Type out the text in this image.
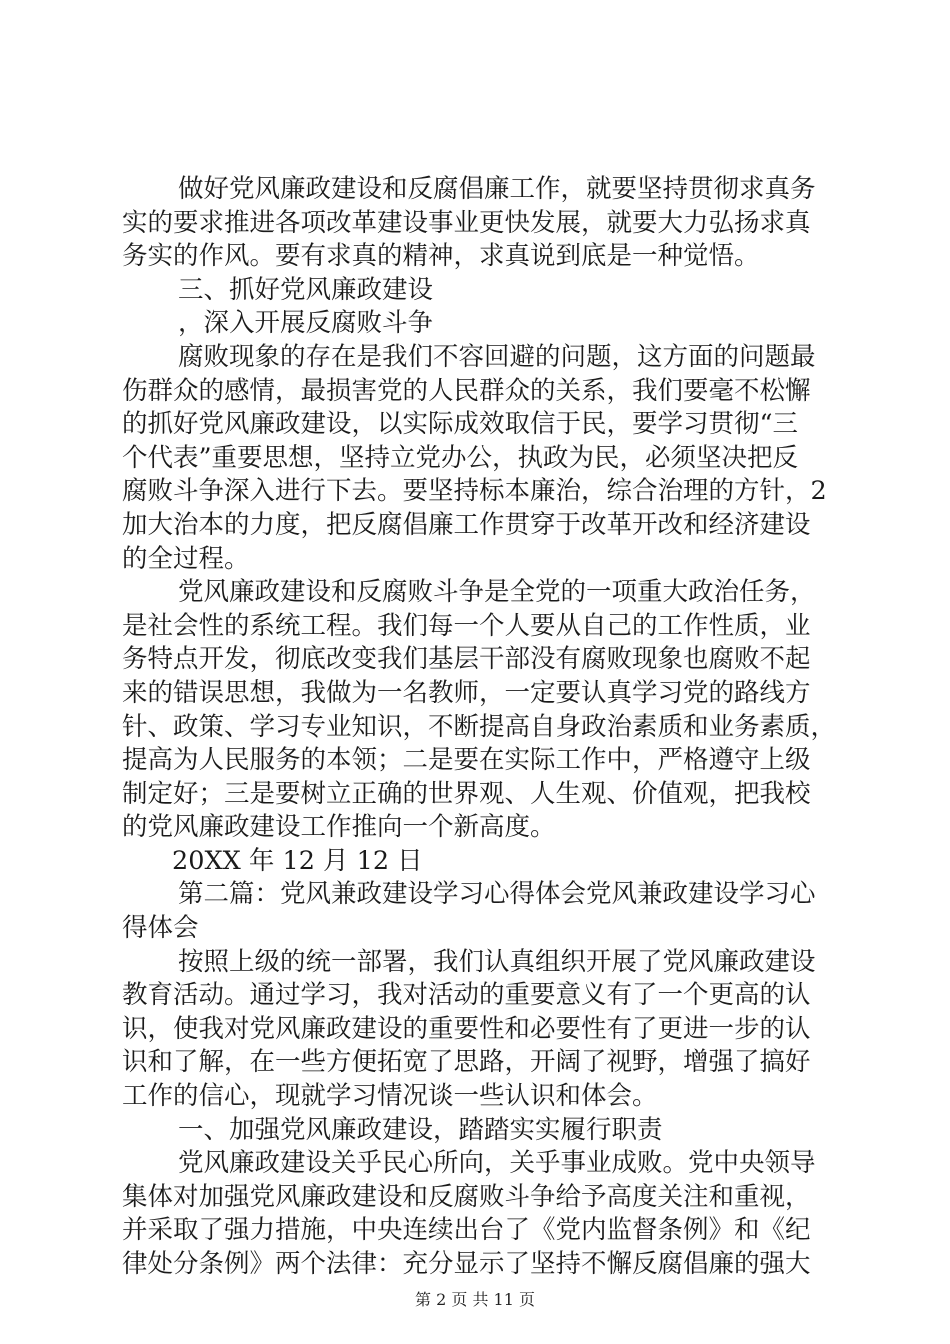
做好党风廉政建设和反腐倡廉工作，就要坚持贯彻求真务
实的要求推进各项改革建设事业更快发展，就要大力弘扬求真
务实的作风。要有求真的精神，求真说到底是一种觉悟。
三、抓好党风廉政建设
，深入开展反腐败斗争
腐败现象的存在是我们不容回避的问题，这方面的问题最
伤群众的感情，最损害党的人民群众的关系，我们要毫不松懈
的抓好党风廉政建设，以实际成效取信于民，要学习贯彻“三
个代表”重要思想，坚持立党办公，执政为民，必须坚决把反
腐败斗争深入进行下去。要坚持标本廉治，综合治理的方针，2
加大治本的力度，把反腐倡廉工作贯穿于改革开改和经济建设
的全过程。
党风廉政建设和反腐败斗争是全党的一项重大政治任务，
是社会性的系统工程。我们每一个人要从自己的工作性质，业
务特点开发，彻底改变我们基层干部没有腐败现象也腐败不起
来的错误思想，我做为一名教师，一定要认真学习党的路线方
针、政策、学习专业知识，不断提高自身政治素质和业务素质，
提高为人民服务的本领；二是要在实际工作中，严格遵守上级
制定好；三是要树立正确的世界观、人生观、价值观，把我校
的党风廉政建设工作推向一个新高度。
20XX 年 12 月 12 日
第二篇：党风兼政建设学习心得体会党风兼政建设学习心
得体会
按照上级的统一部署，我们认真组织开展了党风廉政建设
教育活动。通过学习，我对活动的重要意义有了一个更高的认
识，使我对党风廉政建设的重要性和必要性有了更进一步的认
识和了解，在一些方便拓宽了思路，开阔了视野，增强了搞好
工作的信心，现就学习情况谈一些认识和体会。
一、加强党风廉政建设，踏踏实实履行职责
党风廉政建设关乎民心所向，关乎事业成败。党中央领导
集体对加强党风廉政建设和反腐败斗争给予高度关注和重视，
并采取了强力措施，中央连续出台了《党内监督条例》和《纪
律处分条例》两个法律：充分显示了坚持不懈反腐倡廉的强大
第 2 页 共 11 页
